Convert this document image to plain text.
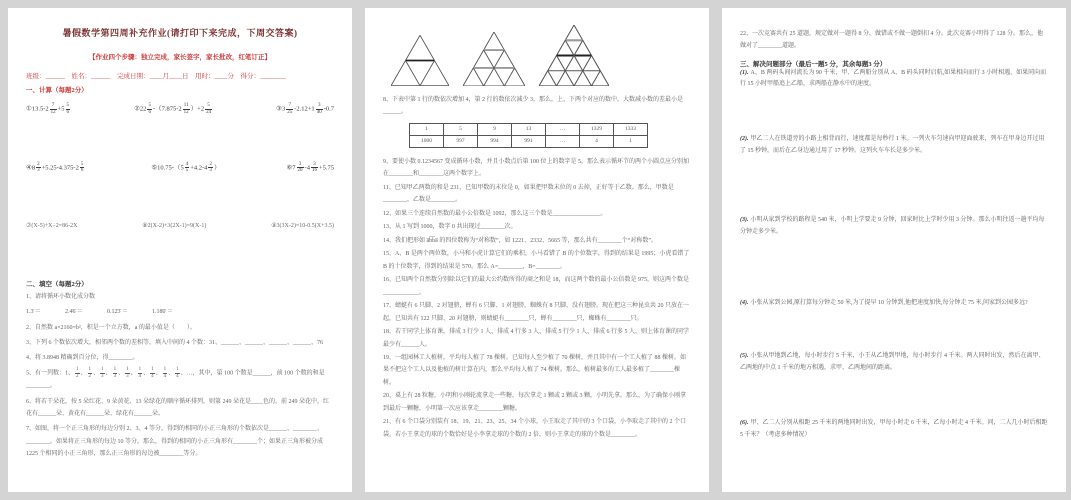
暑假数学第四周补充作业(请打印下来完成，下周交答案)
【作业四个步骤：独立完成，家长签字，家长批改，红笔订正】
班级：______　姓名：______　完成日期：____月____日　用时：____分　得分：________
一、计算（每题2分）
①13.5-2 $\frac{7}{12} +5 \frac{5}{6}$	②22 $\frac{5}{6} -(7.875-2 \frac{11}{12} )+2 \frac{5}{24}$	③3 $\frac{7}{25} -2.12+1 \frac{3}{40} -0.7$
④8 $\frac{2}{3} +5.25-4.375-2 \frac{5}{6}$	⑤10.75-（5 $\frac{4}{5} +4.2-4 \frac{2}{3}$ ）	⑥7 $\frac{3}{20} -4 \frac{3}{16} +5.75$
⑦(X-5)+X÷2=86-2X	⑧2(X-2)+3(2X-1)=9(X-1)	⑨3(3X-2)=10-0.5(X+3.5)
二、填空（每题2分）
1、请将循环小数化成分数
1.3̇ ＝　　　　2.4̇6̇ ＝　　　　0.12̇3̇ ＝　　　　1.18̇0̇ ＝
2、自然数 a×2160=b²，积是一个立方数，a 的最小值是（　　）。
3、下列 6 个数依次增大，相邻两个数的差相等，填入中间的 4 个数：31、______、______、______、______、76
4、将 3.8948 精确到百分位，得________。
5、有一列数：1、 $\frac{1}{2}$ 、 $\frac{1}{2}$ 、 $\frac{1}{3}$ 、 $\frac{1}{3}$ 、 $\frac{1}{3}$ 、 $\frac{1}{4}$ 、 $\frac{1}{4}$ 、 $\frac{1}{4}$ 、 $\frac{1}{4}$ 、…，其中，第 100 个数是______，前 100 个数的和是________。
6、将若干朵花，按 5 朵红花、9 朵黄花、13 朵绿花的顺序循环排列，则第 249 朵花是____色的，前 249 朵花中，红花有______朵、黄花有______朵、绿花有______朵。
7、如图，将一个正三角形的每边分别 2、3、4 等分，得到的相同的小正三角形的个数依次是______、________、________。如果将正三角形的每边 10 等分，那么，得到的相同的小正三角形有________个；如果正三角形被分成 1225 个相同的小正三角形，那么正三角形的每边被________等分。
8、下表中第 1 行的数依次增加 4，第 2 行的数依次减少 3，那么，上、下两个对应的数中，大数减小数的差最小是______。
1	5	9	13	…	1329	1333
1000	997	994	991	…	4	1
9、要使小数 0.1234567 变成循环小数，并且小数点后第 100 位上的数字是 5，那么表示循环节的两个小圆点应分别加在________和________这两个数字上。
11、已知甲乙两数的和是 231，已知甲数的末位是 0，如果把甲数末位的 0 去掉，正好等于乙数。那么，甲数是________，乙数是________。
12、如果三个连续自然数的最小公倍数是 1092，那么这三个数是________________。
13、从 1 写到 1000，数字 0 共出现过________次。
14、我们把形如 a̅b̅b̅a̅ 的四位数称为“对称数”，如 1221、2332、5665 等，那么共有________个“对称数”。
15、A、B 是两个两位数，小马和小虎计算它们的乘积，小马看错了 B 的个位数字，得到的结果是 1995；小虎看错了 B 的十位数字，得到的结果是 570。那么 A=________，B=________。
16、已知两个自然数分别除以它们的最大公约数所得的商之和是 18，而这两个数的最小公倍数是 975，则这两个数是____________。
17、蜻蜓有 6 只脚、2 对翅膀，蝉有 6 只脚、1 对翅膀，蜘蛛有 8 只脚、没有翅膀。现在把这三种昆虫共 20 只放在一起，已知共有 122 只脚、20 对翅膀，则蜻蜓有________只，蝉有________只，蜘蛛有________只。
18、若干同学上体育课，排成 3 行少 1 人、排成 4 行多 3 人、排成 5 行少 1 人、排成 6 行多 5 人，则上体育课的同学最少有______人。
19、一组园林工人植树，平均每人植了 78 棵树。已知每人至少植了 70 棵树，并且其中有一个工人植了 88 棵树。如果不把这个工人以及他植的树计算在内，那么平均每人植了 74 棵树。那么，植树最多的工人最多植了________棵树。
20、桌上有 28 粒糖，小明和小刚轮流拿走一些糖，每次拿走 1 颗或 2 颗或 3 颗，小明先拿。那么，为了确保小刚拿到最后一颗糖，小明第一次应该拿走________颗糖。
21、有 6 个口袋分别装有 18、19、21、23、25、34 个小球，小王取走了其中的 3 个口袋，小李取走了其中的 2 个口袋。若小王拿走的球的个数恰好是小李拿走球的个数的 2 倍，则小王拿走的球的个数是________。
22、一次竞赛共有 25 道题，规定做对一题得 8 分，做错或不做一题倒扣 4 分。此次竞赛小明得了 128 分。那么，他做对了________道题。
三、解决问题部分（最后一题5 分，其余每题3 分）
(1). A、B 两码头间河流长为 90 千米，甲、乙两船分别从 A、B 码头同时启航,如果相向而行 3 小时相遇，如果同向而行 15 小时甲船追上乙船，求两船在静水中的速度。
(2). 甲乙二人在铁道旁的小路上相背而行，速度都是每秒行 1 米。一列火车匀速向甲迎面驶来，列车在甲身边开过用了 15 秒钟，而后在乙身边通过用了 17 秒钟。这列火车车长是多少米。
(3). 小明从家到学校的路程是 540 米，小明上学要走 9 分钟，回家时比上学时少用 3 分钟。那么小明往返一趟平均每分钟走多少米。
(4). 小张从家到公园,原打算每分钟走 50 米,为了提早 10 分钟到,他把速度加快,每分钟走 75 米,问家到公园多远?
(5). 小张从甲地到乙地，每小时步行 5 千米，小王从乙地到甲地，每小时步行 4 千米。两人同时出发，然后在离甲、乙两地的中点 1 千米的地方相遇，求甲、乙两地间的距离。
(6). 甲、乙二人分别从相距 25 千米的两地同时出发，甲每小时走 6 千米，乙每小时走 4 千米。问，二人几小时后相距 5 千米？（考虑多种情况）
